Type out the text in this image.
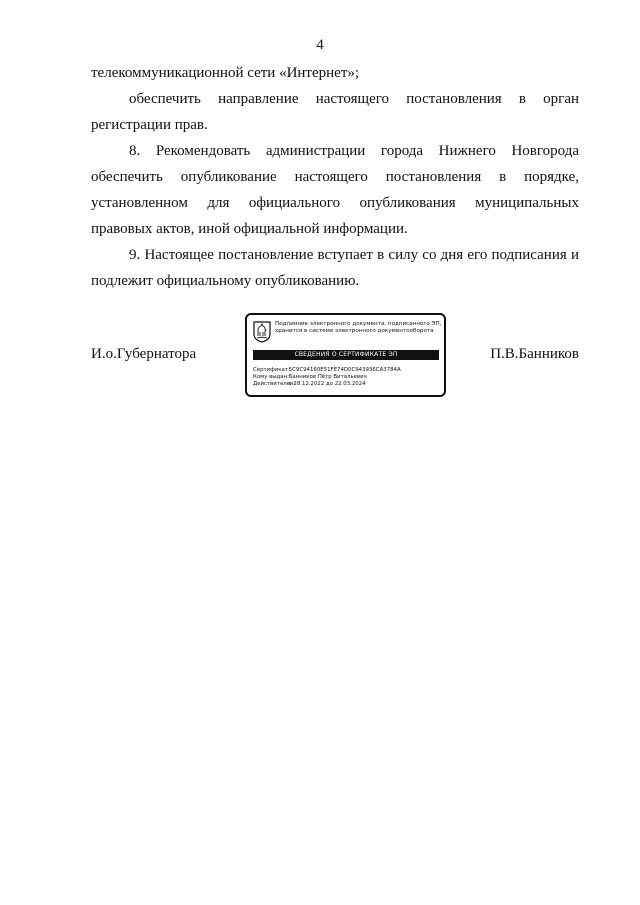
4

телекоммуникационной сети «Интернет»;

обеспечить направление настоящего постановления в орган регистрации прав.

8. Рекомендовать администрации города Нижнего Новгорода обеспечить опубликование настоящего постановления в порядке, установленном для официального опубликования муниципальных правовых актов, иной официальной информации.

9. Настоящее постановление вступает в силу со дня его подписания и подлежит официальному опубликованию.

И.о.Губернатора	П.В.Банников
Подлинник электронного документа, подписанного ЭП,
хранится в системе электронного документооборота
СВЕДЕНИЯ О СЕРТИФИКАТЕ ЭП
Сертификат: 5C9C94160E51FE74D0C943936CA3784A
Кому выдан: Банников Пётр Витальевич
Действителен: с 28.12.2022 до 22.03.2024
